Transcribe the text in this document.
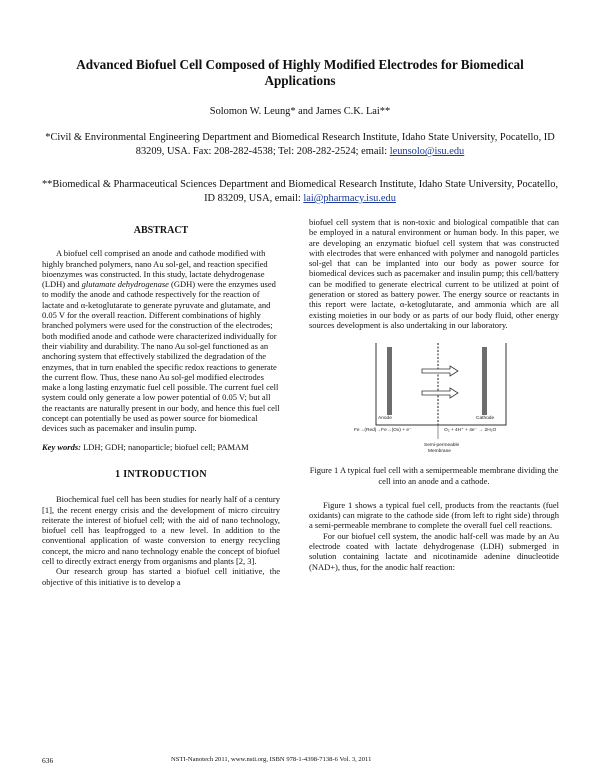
Advanced Biofuel Cell Composed of Highly Modified Electrodes for Biomedical Applications
Solomon W. Leung* and James C.K. Lai**
*Civil & Environmental Engineering Department and Biomedical Research Institute, Idaho State University, Pocatello, ID 83209, USA. Fax: 208-282-4538; Tel: 208-282-2524; email: leunsolo@isu.edu
**Biomedical & Pharmaceutical Sciences Department and Biomedical Research Institute, Idaho State University, Pocatello, ID 83209, USA, email: lai@pharmacy.isu.edu
ABSTRACT

A biofuel cell comprised an anode and cathode modified with highly branched polymers, nano Au sol-gel, and reaction specified bioenzymes was constructed. In this study, lactate dehydrogenase (LDH) and glutamate dehydrogenase (GDH) were the enzymes used to modify the anode and cathode respectively for the reaction of lactate and α-ketoglutarate to generate pyruvate and glutamate, and 0.05 V for the overall reaction. Different combinations of highly branched polymers were used for the construction of the electrodes; both modified anode and cathode were characterized individually for their viability and durability. The nano Au sol-gel functioned as an anchoring system that effectively stabilized the degradation of the enzymes, that in turn enabled the specific redox reactions to generate the current flow. Thus, these nano Au sol-gel modified electrodes make a long lasting enzymatic fuel cell possible. The current fuel cell system could only generate a low power potential of 0.05 V; but all the reactants are naturally present in our body, and hence this fuel cell concept can potentially be used as power source for biomedical devices such as pacemaker and insulin pump.

Key words: LDH; GDH; nanoparticle; biofuel cell; PAMAM

1 INTRODUCTION

Biochemical fuel cell has been studies for nearly half of a century [1], the recent energy crisis and the development of micro circuitry reiterate the interest of biofuel cell; with the aid of nano technology, biofuel cell has leapfrogged to a new level. In addition to the conventional application of waste conversion to energy recycling concept, the micro and nano technology enable the concept of biofuel cell to directly extract energy from organisms and plants [2, 3].

Our research group has started a biofuel cell initiative, the objective of this initiative is to develop a

biofuel cell system that is non-toxic and biological compatible that can be employed in a natural environment or human body. In this paper, we are developing an enzymatic biofuel cell system that was constructed with electrodes that were enhanced with polymer and nanogold particles sol-gel that can be implanted into our body as power source for biomedical devices such as pacemaker and insulin pump; this cell/battery can be modified to generate electrical current to be utilized at point of generation or stored as battery power. The energy source or reactants in this report were lactate, α-ketoglutarate, and ammonia which are all existing moieties in our body or as parts of our body fluid, other energy sources development is also undertaking in our laboratory.

Anode	Cathode
Fe→(Red)→Fe→(Ox) + e⁻	O₂ + 4H⁺ + 4e⁻ → 2H₂O
Semi-permeable
Membrane
Figure 1 A typical fuel cell with a semipermeable membrane dividing the cell into an anode and a cathode.

Figure 1 shows a typical fuel cell, products from the reactants (fuel oxidants) can migrate to the cathode side (from left to right side) through a semi-permeable membrane to complete the overall fuel cell reactions.

For our biofuel cell system, the anodic half-cell was made by an Au electrode coated with lactate dehydrogenase (LDH) submerged in solution containing lactate and nicotinamide adenine dinucleotide (NAD+), thus, for the anodic half reaction:

636	NSTI-Nanotech 2011, www.nsti.org, ISBN 978-1-4398-7138-6 Vol. 3, 2011
